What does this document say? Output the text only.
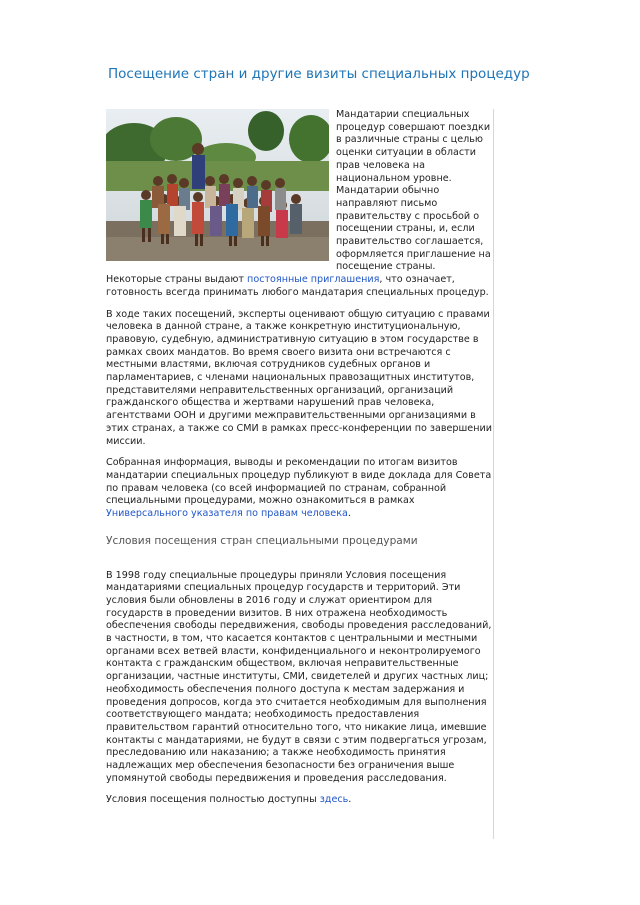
Посещение стран и другие визиты специальных процедур

Мандатарии специальных процедур совершают поездки в различные страны с целью оценки ситуации в области прав человека на национальном уровне. Мандатарии обычно направляют письмо правительству с просьбой о посещении страны, и, если правительство соглашается, оформляется приглашение на посещение страны. Некоторые страны выдают постоянные приглашения, что означает, готовность всегда принимать любого мандатария специальных процедур.

В ходе таких посещений, эксперты оценивают общую ситуацию с правами человека в данной стране, а также конкретную институциональную, правовую, судебную, административную ситуацию в этом государстве в рамках своих мандатов. Во время своего визита они встречаются с местными властями, включая сотрудников судебных органов и парламентариев, с членами национальных правозащитных институтов, представителями неправительственных организаций, организаций гражданского общества и жертвами нарушений прав человека, агентствами ООН и другими межправительственными организациями в этих странах, а также со СМИ в рамках пресс-конференции по завершении миссии.

Собранная информация, выводы и рекомендации по итогам визитов мандатарии специальных процедур публикуют в виде доклада для Совета по правам человека (со всей информацией по странам, собранной специальными процедурами, можно ознакомиться в рамках Универсального указателя по правам человека.

Условия посещения стран специальными процедурами

В 1998 году специальные процедуры приняли Условия посещения мандатариями специальных процедур государств и территорий. Эти условия были обновлены в 2016 году и служат ориентиром для государств в проведении визитов. В них отражена необходимость обеспечения свободы передвижения, свободы проведения расследований, в частности, в том, что касается контактов с центральными и местными органами всех ветвей власти, конфиденциального и неконтролируемого контакта с гражданским обществом, включая неправительственные организации, частные институты, СМИ, свидетелей и других частных лиц; необходимость обеспечения полного доступа к местам задержания и проведения допросов, когда это считается необходимым для выполнения соответствующего мандата; необходимость предоставления правительством гарантий относительно того, что никакие лица, имевшие контакты с мандатариями, не будут в связи с этим подвергаться угрозам, преследованию или наказанию; а также необходимость принятия надлежащих мер обеспечения безопасности без ограничения выше упомянутой свободы передвижения и проведения расследования.

Условия посещения полностью доступны здесь.
